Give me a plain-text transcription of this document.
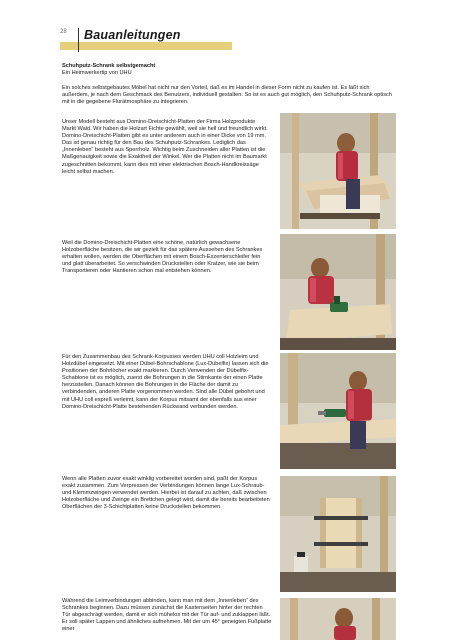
28 Bauanleitungen
Schuhputz-Schrank selbstgemacht
Ein Heimwerkertip von UHU

Ein solches selbstgebautes Möbel hat nicht nur den Vorteil, daß es im Handel in dieser Form nicht zu kaufen ist. Es läßt sich außerdem, je nach dem Geschmack des Benutzers, individuell gestalten. So ist es auch gut möglich, den Schuhputz-Schrank optisch mit in die gegebene Flurätmosphäre zu integrieren.

Unser Modell besteht aus Domino-Dreischicht-Platten der Firma Holzprodukte Markt Wald. Wir haben die Holzart Fichte gewählt, weil sie hell und freundlich wirkt. Domino-Dreischicht-Platten gibt es unter anderem auch in einer Dicke von 19 mm. Das ist genau richtig für den Bau des Schuhputz-Schrankes. Lediglich das „Innenleben“ besteht aus Sperrholz. Wichtig beim Zuschneiden aller Platten ist die Maßgenauigkeit sowie die Exaktheit der Winkel. Wer die Platten nicht im Baumarkt zugeschnitten bekommt, kann dies mit einer elektrischen Bosch-Handkreissäge leicht selbst machen.

Weil die Domino-Dreischicht-Platten eine schöne, natürlich gewachsene Holzoberfläche besitzen, die wir gezielt für das spätere Aussehen des Schrankes erhalten wollen, werden die Oberflächen mit einem Bosch-Exzenterschleifer fein und glatt überarbeitet. So verschwinden Druckstellen oder Kratzer, wie sie beim Transportieren oder Hantieren schon mal entstehen können.

Für den Zusammenbau des Schrank-Korpusses werden UHU coll Holzleim und Holzdübel eingesetzt. Mit einer Dübel-Bohrschablone (Lux-Dübelfix) lassen sich die Positionen der Bohrlöcher exakt markieren. Durch Verwenden der Dübelfix-Schablone ist es möglich, zuerst die Bohrungen in die Stirnkante der einen Platte herzustellen. Danach können die Bohrungen in die Fläche der damit zu verbindenden, anderen Platte vorgenommen werden. Sind alle Dübel gebohrt und mit UHU coll exprеß verleimt, kann der Korpus mitsamt der ebenfalls aus einer Domino-Dreischicht-Platte bestehenden Rückwand verbunden werden.

Wenn alle Platten zuvor exakt winklig vorbereitet worden sind, paßt der Korpus exakt zusammen. Zum Verpressen der Verbindungen können lange Lux-Schraub- und Klemmzwingen verwendet werden. Hierbei ist darauf zu achten, daß zwischen Holzoberfläche und Zwinge ein Brettchen gelegt wird, damit die bereits bearbeiteten Oberflächen der 3-Schichtplatten keine Druckstellen bekommen.

Während die Leimverbindungen abbinden, kann man mit dem „Innenleben“ des Schrankes beginnen. Dazu müssen zunächst die Kastenseiten hinter der rechten Tür abgeschrägt werden, damit er sich mühelos mit der Tür auf- und zuklappen läßt. Er soll später Lappen und ähnliches aufnehmen. Mit der um 45° geneigten Fußplatte einer
